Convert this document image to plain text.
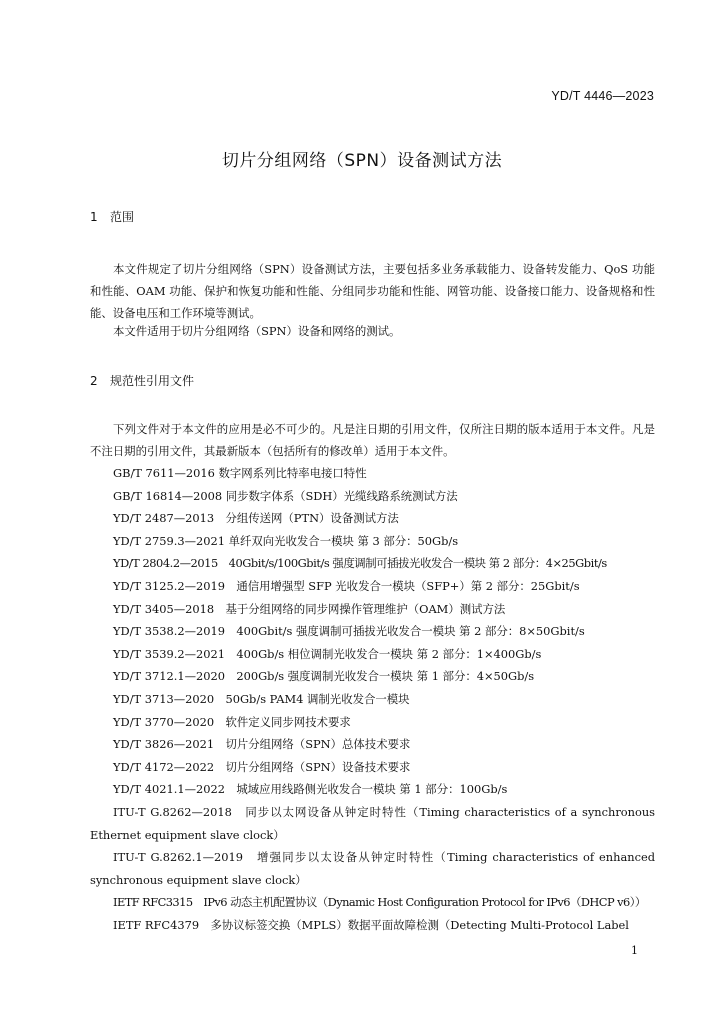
YD/T 4446—2023
切片分组网络（SPN）设备测试方法
1 范围

本文件规定了切片分组网络（SPN）设备测试方法，主要包括多业务承载能力、设备转发能力、QoS 功能和性能、OAM 功能、保护和恢复功能和性能、分组同步功能和性能、网管功能、设备接口能力、设备规格和性能、设备电压和工作环境等测试。

本文件适用于切片分组网络（SPN）设备和网络的测试。

2 规范性引用文件

下列文件对于本文件的应用是必不可少的。凡是注日期的引用文件，仅所注日期的版本适用于本文件。凡是不注日期的引用文件，其最新版本（包括所有的修改单）适用于本文件。

GB/T 7611—2016 数字网系列比特率电接口特性
GB/T 16814—2008 同步数字体系（SDH）光缆线路系统测试方法
YD/T 2487—2013　分组传送网（PTN）设备测试方法
YD/T 2759.3—2021 单纤双向光收发合一模块 第 3 部分：50Gb/s
YD/T 2804.2—2015　40Gbit/s/100Gbit/s 强度调制可插拔光收发合一模块 第 2 部分：4×25Gbit/s
YD/T 3125.2—2019　通信用增强型 SFP 光收发合一模块（SFP+）第 2 部分：25Gbit/s
YD/T 3405—2018　基于分组网络的同步网操作管理维护（OAM）测试方法
YD/T 3538.2—2019　400Gbit/s 强度调制可插拔光收发合一模块 第 2 部分：8×50Gbit/s
YD/T 3539.2—2021　400Gb/s 相位调制光收发合一模块 第 2 部分：1×400Gb/s
YD/T 3712.1—2020　200Gb/s 强度调制光收发合一模块 第 1 部分：4×50Gb/s
YD/T 3713—2020　50Gb/s PAM4 调制光收发合一模块
YD/T 3770—2020　软件定义同步网技术要求
YD/T 3826—2021　切片分组网络（SPN）总体技术要求
YD/T 4172—2022　切片分组网络（SPN）设备技术要求
YD/T 4021.1—2022　城域应用线路侧光收发合一模块 第 1 部分：100Gb/s
ITU-T G.8262—2018　同步以太网设备从钟定时特性（Timing characteristics of a synchronous Ethernet equipment slave clock）
ITU-T G.8262.1—2019　增强同步以太设备从钟定时特性（Timing characteristics of enhanced synchronous equipment slave clock）
IETF RFC3315　IPv6 动态主机配置协议（Dynamic Host Configuration Protocol for IPv6（DHCP v6））
IETF RFC4379　多协议标签交换（MPLS）数据平面故障检测（Detecting Multi-Protocol Label
1
